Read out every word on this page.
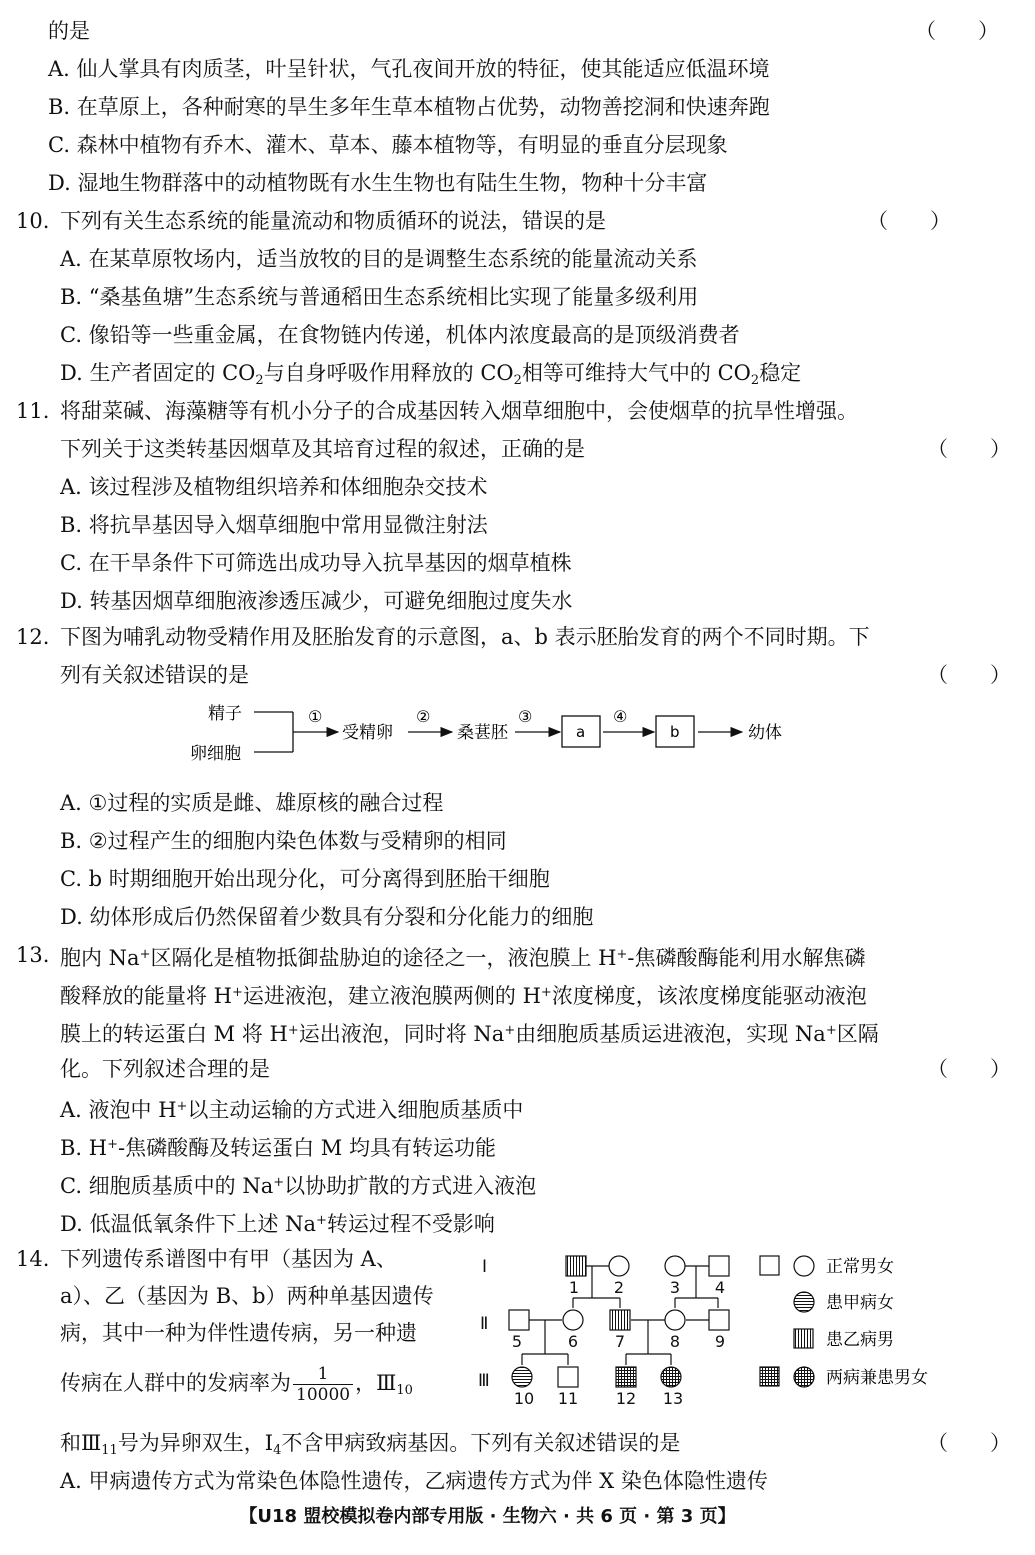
的是	（　　）
A. 仙人掌具有肉质茎，叶呈针状，气孔夜间开放的特征，使其能适应低温环境
B. 在草原上，各种耐寒的旱生多年生草本植物占优势，动物善挖洞和快速奔跑
C. 森林中植物有乔木、灌木、草本、藤本植物等，有明显的垂直分层现象
D. 湿地生物群落中的动植物既有水生生物也有陆生生物，物种十分丰富
10. 下列有关生态系统的能量流动和物质循环的说法，错误的是	（　　）
A. 在某草原牧场内，适当放牧的目的是调整生态系统的能量流动关系
B. “桑基鱼塘”生态系统与普通稻田生态系统相比实现了能量多级利用
C. 像铅等一些重金属，在食物链内传递，机体内浓度最高的是顶级消费者
D. 生产者固定的 $CO_2$与自身呼吸作用释放的 $CO_2$相等可维持大气中的 $CO_2$稳定
11. 将甜菜碱、海藻糖等有机小分子的合成基因转入烟草细胞中，会使烟草的抗旱性增强。
下列关于这类转基因烟草及其培育过程的叙述，正确的是	（　　）
A. 该过程涉及植物组织培养和体细胞杂交技术
B. 将抗旱基因导入烟草细胞中常用显微注射法
C. 在干旱条件下可筛选出成功导入抗旱基因的烟草植株
D. 转基因烟草细胞液渗透压减少，可避免细胞过度失水
12. 下图为哺乳动物受精作用及胚胎发育的示意图，a、b 表示胚胎发育的两个不同时期。下
列有关叙述错误的是	（　　）
精子
卵细胞
①
受精卵
②
桑葚胚
③
a
④
b	幼体
A. ①过程的实质是雌、雄原核的融合过程
B. ②过程产生的细胞内染色体数与受精卵的相同
C. b 时期细胞开始出现分化，可分离得到胚胎干细胞
D. 幼体形成后仍然保留着少数具有分裂和分化能力的细胞
13. 胞内 Na+区隔化是植物抵御盐胁迫的途径之一，液泡膜上 H+-焦磷酸酶能利用水解焦磷
酸释放的能量将 H+运进液泡，建立液泡膜两侧的 H+浓度梯度，该浓度梯度能驱动液泡
膜上的转运蛋白 M 将 H+运出液泡，同时将 Na+由细胞质基质运进液泡，实现 Na+区隔
化。下列叙述合理的是	（　　）
A. 液泡中 H+以主动运输的方式进入细胞质基质中
B. H+-焦磷酸酶及转运蛋白 M 均具有转运功能
C. 细胞质基质中的 Na+以协助扩散的方式进入液泡
D. 低温低氧条件下上述 Na+转运过程不受影响
14. 下列遗传系谱图中有甲（基因为 A、
a）、乙（基因为 B、b）两种单基因遗传
病，其中一种为伴性遗传病，另一种遗
传病在人群中的发病率为 $\frac{1}{10000}$ ，$Ⅲ_{10}$
Ⅰ
Ⅱ
Ⅲ
1 2	3 4
5	6 7	8 9
10 11 12 13
正常男女
患甲病女
患乙病男
两病兼患男女
和$Ⅲ_{11}$号为异卵双生，$Ⅰ_4$不含甲病致病基因。下列有关叙述错误的是	（　　）
A. 甲病遗传方式为常染色体隐性遗传，乙病遗传方式为伴 X 染色体隐性遗传
【U18 盟校模拟卷内部专用版 · 生物六 · 共 6 页 · 第 3 页】
